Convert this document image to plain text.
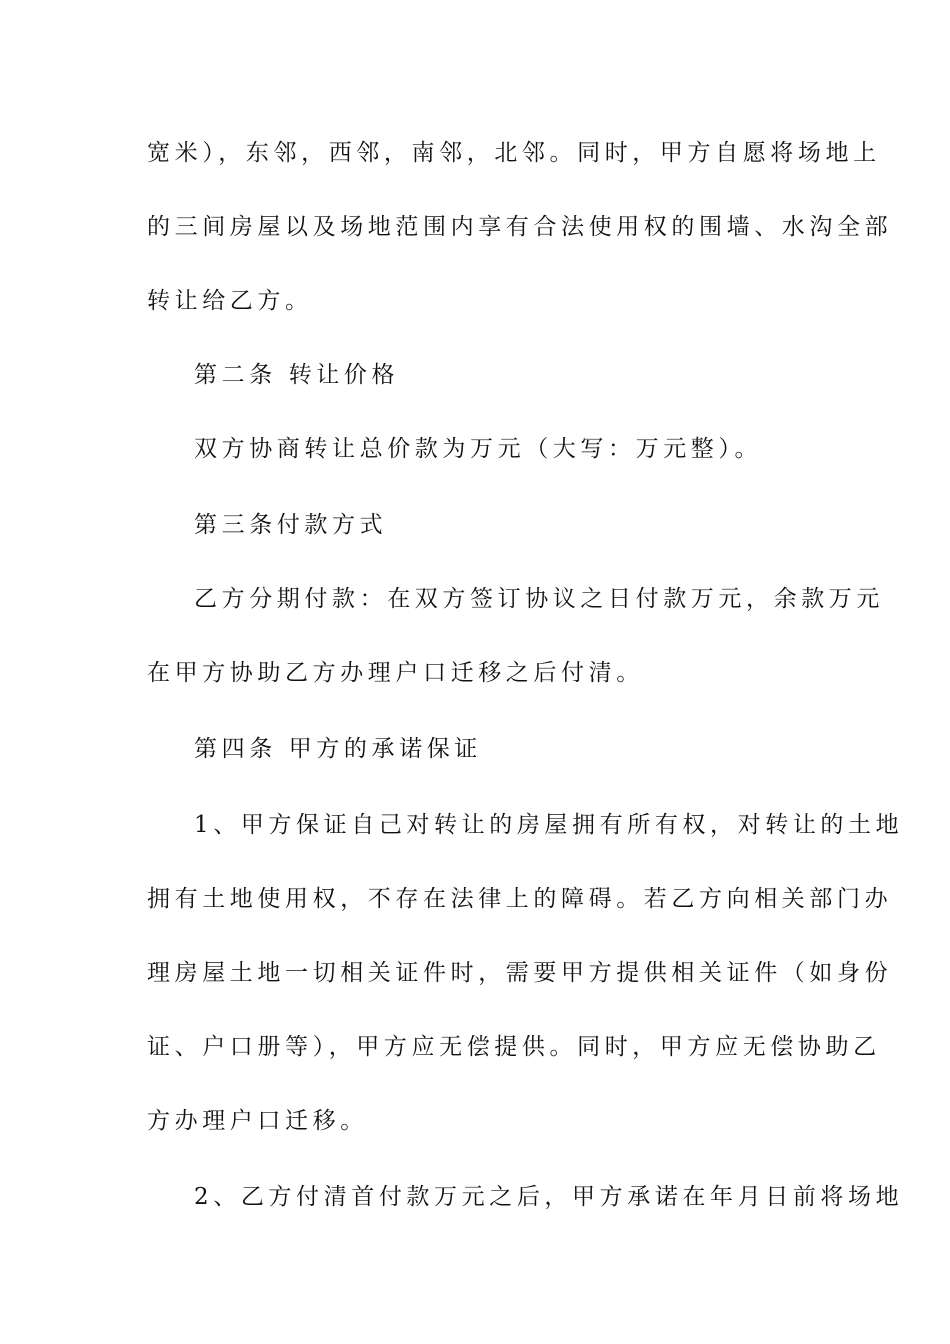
宽米），东邻，西邻，南邻，北邻。同时，甲方自愿将场地上
的三间房屋以及场地范围内享有合法使用权的围墙、水沟全部
转让给乙方。
第二条 转让价格
双方协商转让总价款为万元（大写：万元整）。
第三条付款方式
乙方分期付款：在双方签订协议之日付款万元，余款万元
在甲方协助乙方办理户口迁移之后付清。
第四条 甲方的承诺保证
1、甲方保证自己对转让的房屋拥有所有权，对转让的土地
拥有土地使用权，不存在法律上的障碍。若乙方向相关部门办
理房屋土地一切相关证件时，需要甲方提供相关证件（如身份
证、户口册等），甲方应无偿提供。同时，甲方应无偿协助乙
方办理户口迁移。
2、乙方付清首付款万元之后，甲方承诺在年月日前将场地
